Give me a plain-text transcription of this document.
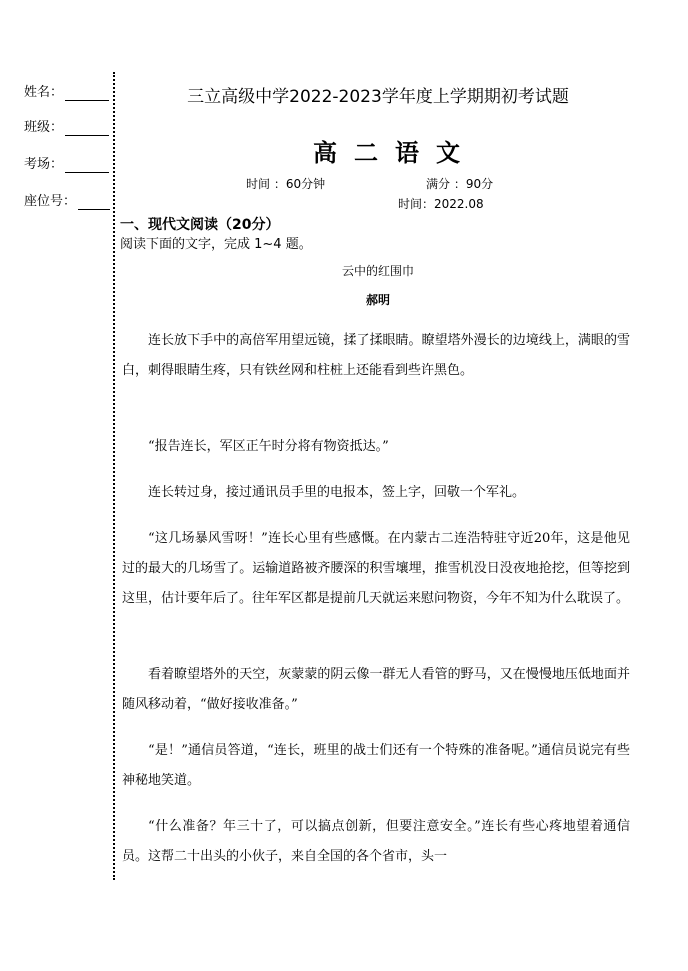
姓名：
班级：
考场：
座位号：
三立高级中学2022-2023学年度上学期期初考试题
高二语文
时间 ：60分钟	满分 ：90分
时间：2022.08
一、现代文阅读（20分）
阅读下面的文字，完成 1~4 题。
云中的红围巾
郝明

连长放下手中的高倍军用望远镜，揉了揉眼睛。瞭望塔外漫长的边境线上，满眼的雪白，刺得眼睛生疼，只有铁丝网和柱桩上还能看到些许黑色。

“报告连长，军区正午时分将有物资抵达。”

连长转过身，接过通讯员手里的电报本，签上字，回敬一个军礼。

“这几场暴风雪呀！”连长心里有些感慨。在内蒙古二连浩特驻守近20年，这是他见过的最大的几场雪了。运输道路被齐腰深的积雪壤埋，推雪机没日没夜地抢挖，但等挖到这里，估计要年后了。往年军区都是提前几天就运来慰问物资，今年不知为什么耽误了。

看着瞭望塔外的天空，灰蒙蒙的阴云像一群无人看管的野马，又在慢慢地压低地面并随风移动着，“做好接收准备。”

“是！”通信员答道，“连长，班里的战士们还有一个特殊的准备呢。”通信员说完有些神秘地笑道。

“什么准备？年三十了，可以搞点创新，但要注意安全。”连长有些心疼地望着通信员。这帮二十出头的小伙子，来自全国的各个省市，头一
